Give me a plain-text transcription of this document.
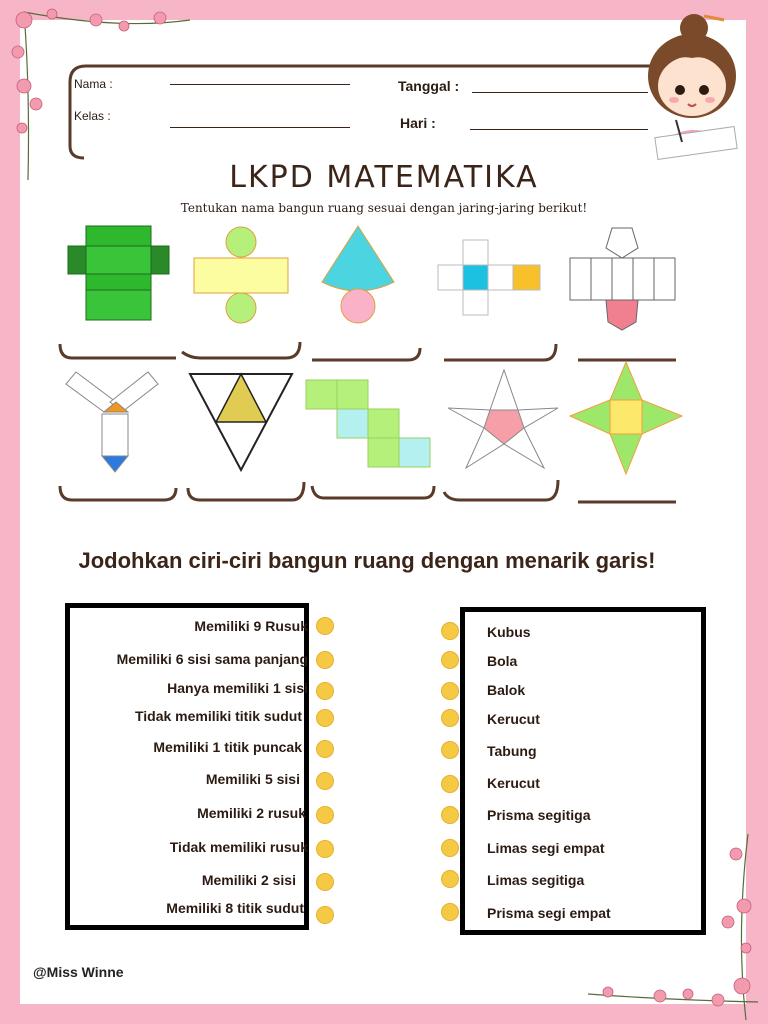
Nama :
Kelas :
Tanggal :
Hari :
LKPD MATEMATIKA
Tentukan nama bangun ruang sesuai dengan jaring-jaring berikut!
Jodohkan ciri-ciri bangun ruang dengan menarik garis!
Memiliki 9 Rusuk
Memiliki 6 sisi sama panjang
Hanya memiliki 1 sisi
Tidak memiliki titik sudut
Memiliki 1 titik puncak
Memiliki 5 sisi
Memiliki 2 rusuk
Tidak memiliki rusuk
Memiliki 2 sisi
Memiliki 8 titik sudut
Kubus
Bola
Balok
Kerucut
Tabung
Kerucut
Prisma segitiga
Limas segi empat
Limas segitiga
Prisma segi empat
@Miss Winne
